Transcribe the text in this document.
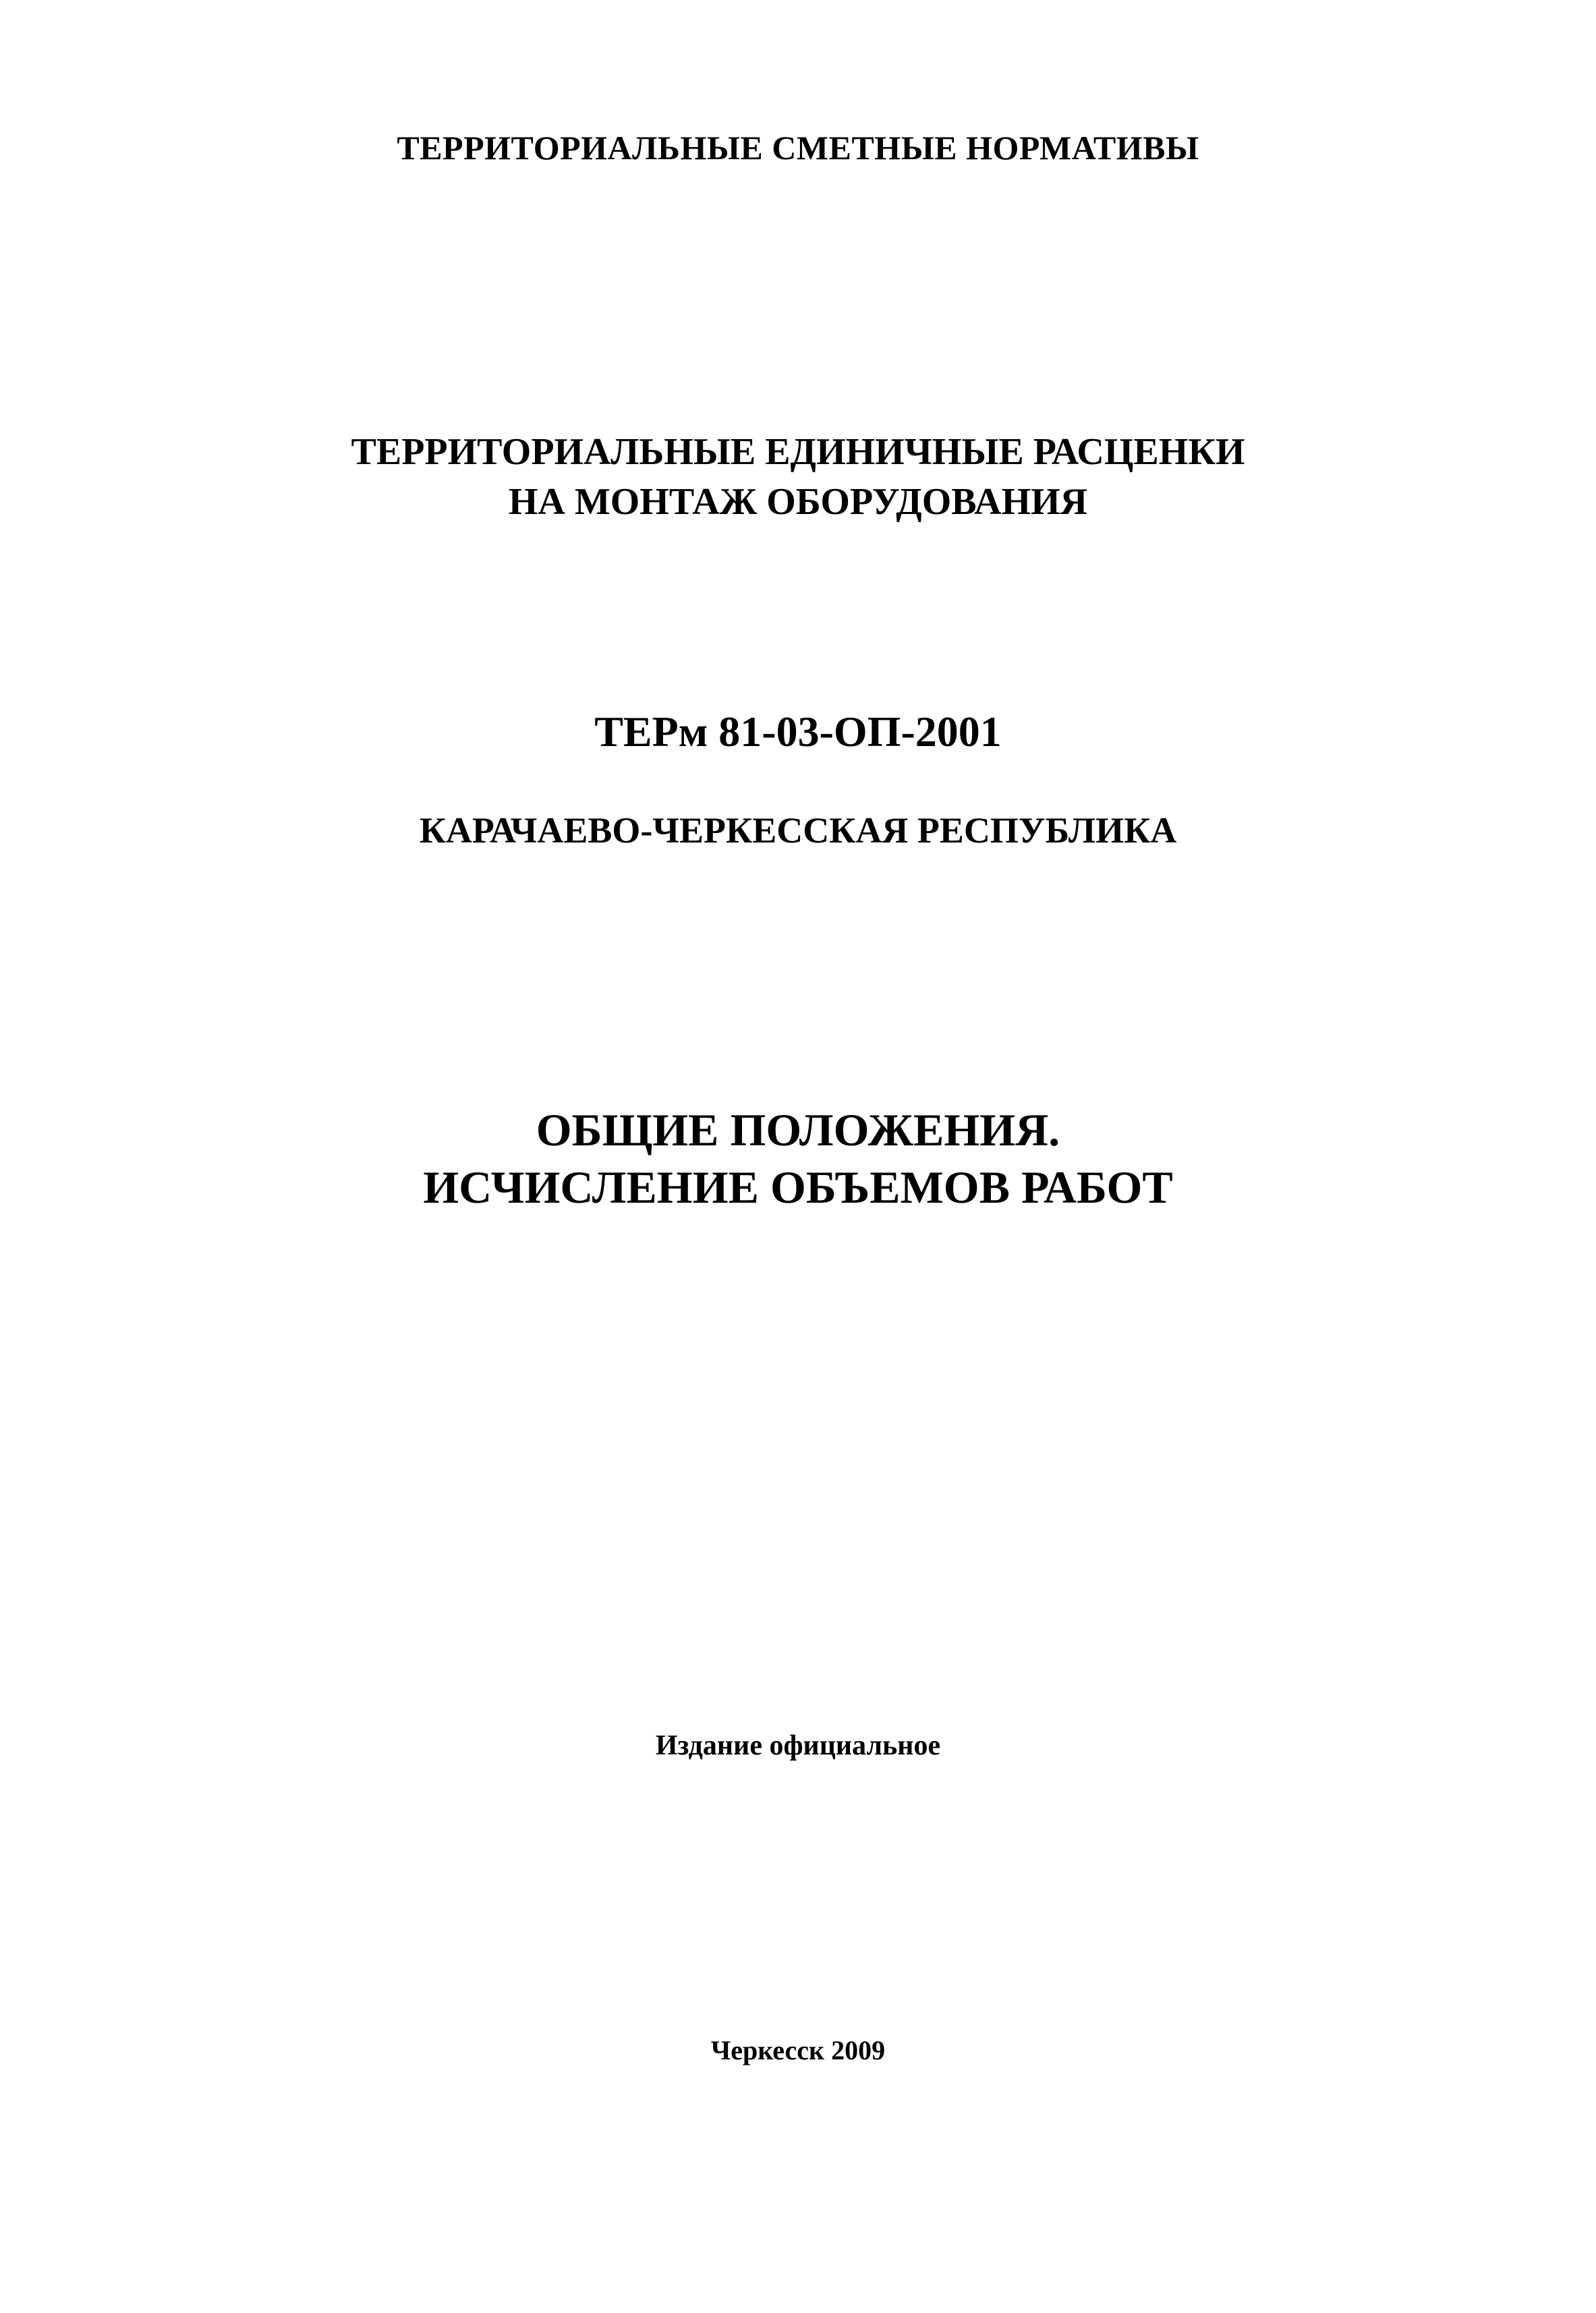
ТЕРРИТОРИАЛЬНЫЕ СМЕТНЫЕ НОРМАТИВЫ

ТЕРРИТОРИАЛЬНЫЕ ЕДИНИЧНЫЕ РАСЦЕНКИ

НА МОНТАЖ ОБОРУДОВАНИЯ

ТЕРм 81-03-ОП-2001

КАРАЧАЕВО-ЧЕРКЕССКАЯ РЕСПУБЛИКА

ОБЩИЕ ПОЛОЖЕНИЯ.

ИСЧИСЛЕНИЕ ОБЪЕМОВ РАБОТ

Издание официальное

Черкесск 2009
